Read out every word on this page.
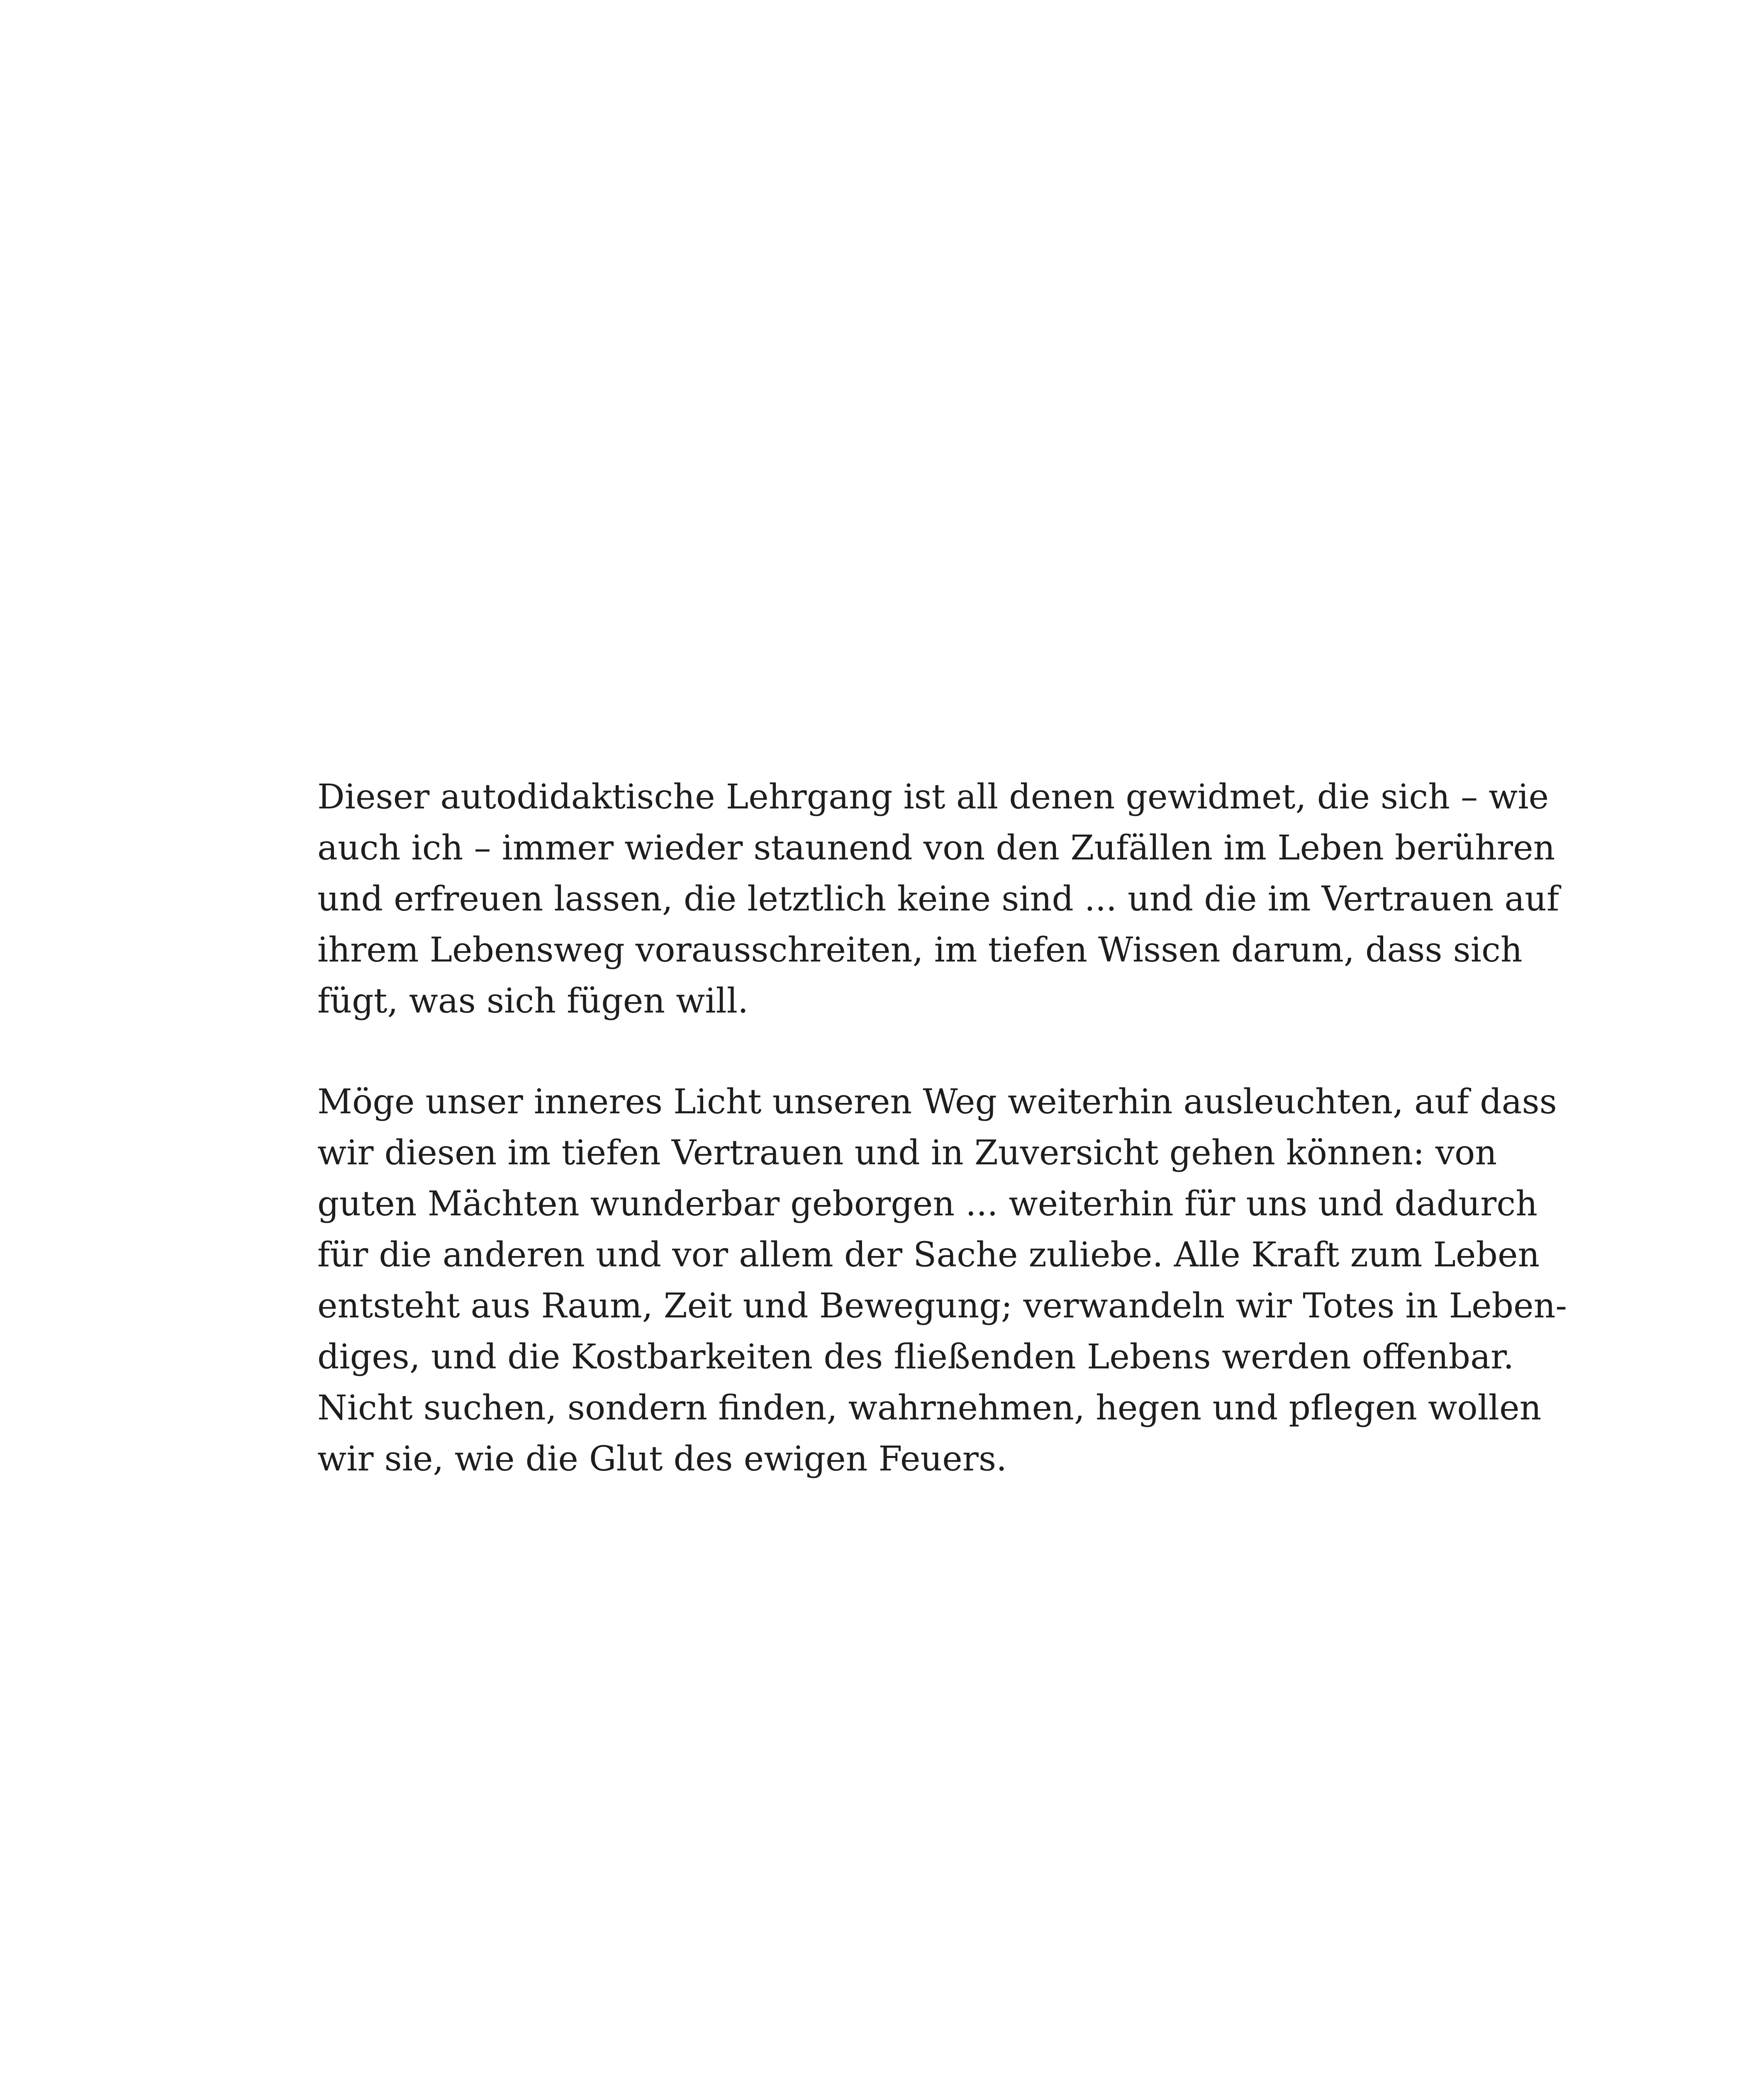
Dieser autodidaktische Lehrgang ist all denen gewidmet, die sich – wie
auch ich – immer wieder staunend von den Zufällen im Leben berühren
und erfreuen lassen, die letztlich keine sind ... und die im Vertrauen auf
ihrem Lebensweg vorausschreiten, im tiefen Wissen darum, dass sich
fügt, was sich fügen will.
Möge unser inneres Licht unseren Weg weiterhin ausleuchten, auf dass
wir diesen im tiefen Vertrauen und in Zuversicht gehen können: von
guten Mächten wunderbar geborgen ... weiterhin für uns und dadurch
für die anderen und vor allem der Sache zuliebe. Alle Kraft zum Leben
entsteht aus Raum, Zeit und Bewegung; verwandeln wir Totes in Leben-
diges, und die Kostbarkeiten des fließenden Lebens werden offenbar.
Nicht suchen, sondern finden, wahrnehmen, hegen und pflegen wollen
wir sie, wie die Glut des ewigen Feuers.
